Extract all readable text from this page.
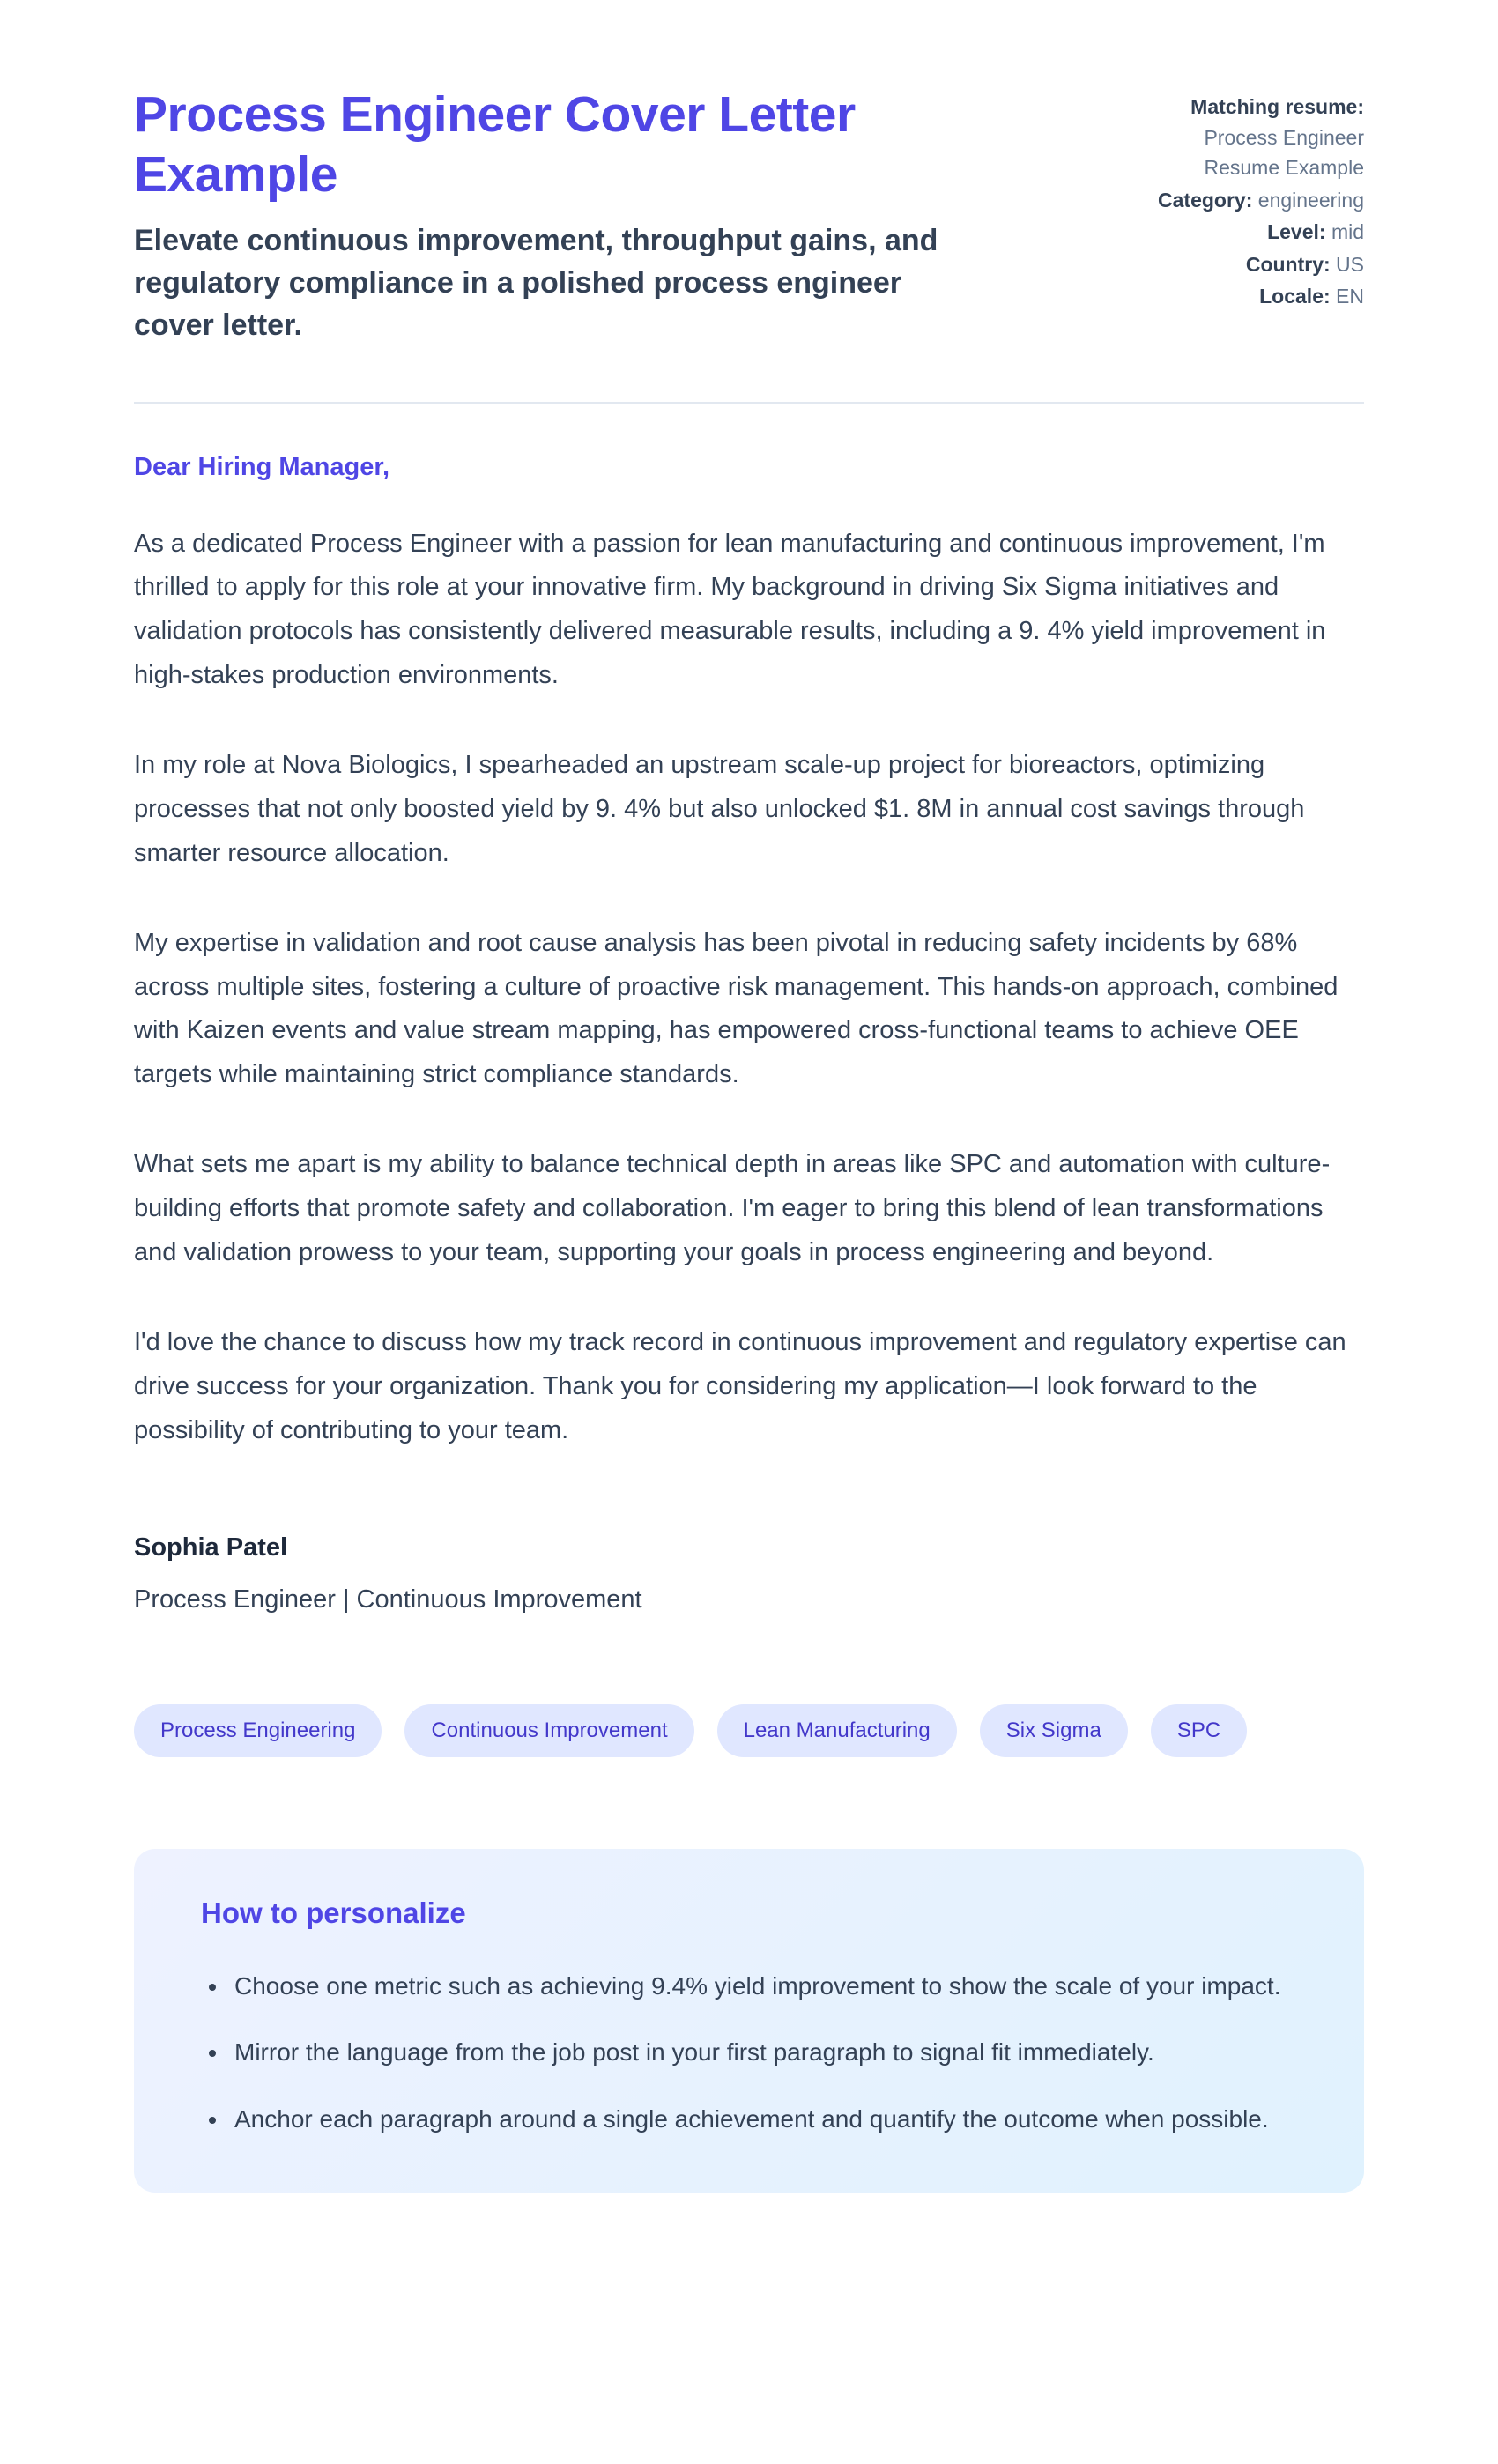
Process Engineer Cover Letter Example

Elevate continuous improvement, throughput gains, and regulatory compliance in a polished process engineer cover letter.

Matching resume:
Process Engineer Resume Example
Category: engineering
Level: mid
Country: US
Locale: EN

Dear Hiring Manager,

As a dedicated Process Engineer with a passion for lean manufacturing and continuous improvement, I'm thrilled to apply for this role at your innovative firm. My background in driving Six Sigma initiatives and validation protocols has consistently delivered measurable results, including a 9. 4% yield improvement in high-stakes production environments.

In my role at Nova Biologics, I spearheaded an upstream scale-up project for bioreactors, optimizing processes that not only boosted yield by 9. 4% but also unlocked $1. 8M in annual cost savings through smarter resource allocation.

My expertise in validation and root cause analysis has been pivotal in reducing safety incidents by 68% across multiple sites, fostering a culture of proactive risk management. This hands-on approach, combined with Kaizen events and value stream mapping, has empowered cross-functional teams to achieve OEE targets while maintaining strict compliance standards.

What sets me apart is my ability to balance technical depth in areas like SPC and automation with culture-building efforts that promote safety and collaboration. I'm eager to bring this blend of lean transformations and validation prowess to your team, supporting your goals in process engineering and beyond.

I'd love the chance to discuss how my track record in continuous improvement and regulatory expertise can drive success for your organization. Thank you for considering my application—I look forward to the possibility of contributing to your team.

Sophia Patel

Process Engineer | Continuous Improvement

Process Engineering	Continuous Improvement	Lean Manufacturing	Six Sigma	SPC
How to personalize
• Choose one metric such as achieving 9.4% yield improvement to show the scale of your impact.
• Mirror the language from the job post in your first paragraph to signal fit immediately.
• Anchor each paragraph around a single achievement and quantify the outcome when possible.
